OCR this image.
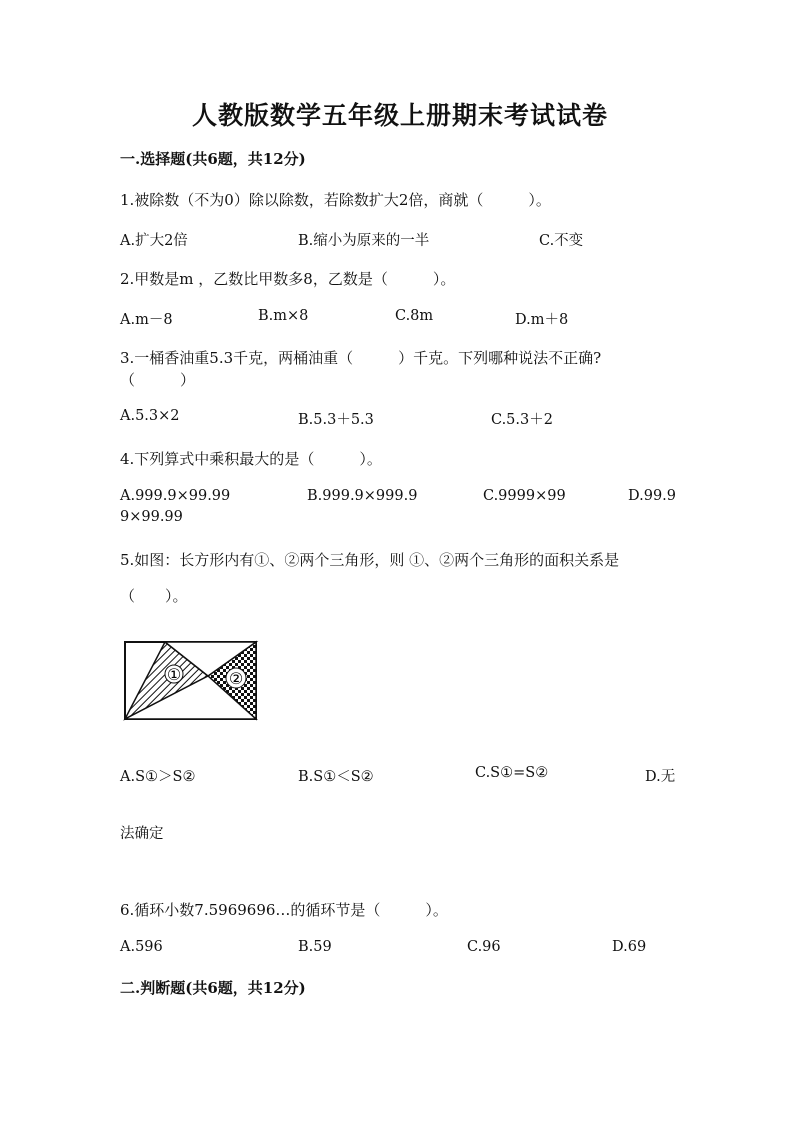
人教版数学五年级上册期末考试试卷
一.选择题(共6题，共12分)
1.被除数（不为0）除以除数，若除数扩大2倍，商就（　　　）。
A.扩大2倍	B.缩小为原来的一半	C.不变
2.甲数是m ，乙数比甲数多8，乙数是（　　　）。
A.m－8	B.m×8	C.8m	D.m＋8
3.一桶香油重5.3千克，两桶油重（　　　）千克。下列哪种说法不正确?
（　　　）
A.5.3×2	B.5.3＋5.3	C.5.3＋2
4.下列算式中乘积最大的是（　　　）。
A.999.9×99.99	B.999.9×999.9	C.9999×99	D.99.9
9×99.99
5.如图：长方形内有①、②两个三角形，则 ①、②两个三角形的面积关系是
（　　）。
①	②
A.S①＞S②	B.S①＜S②	C.S①=S②	D.无
法确定
6.循环小数7.5969696…的循环节是（　　　）。
A.596	B.59	C.96	D.69
二.判断题(共6题，共12分)
